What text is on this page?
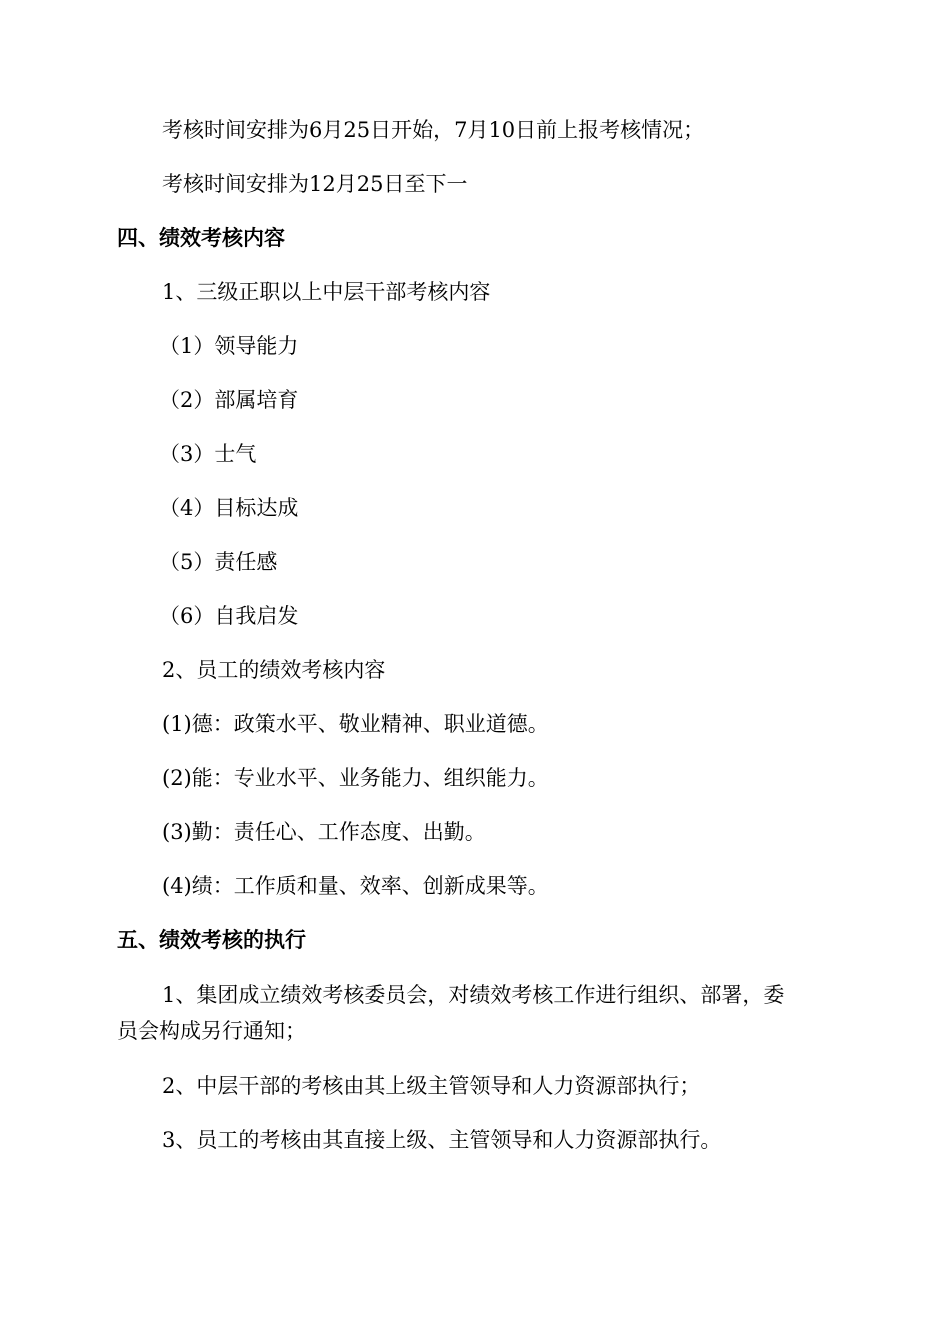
考核时间安排为6月25日开始，7月10日前上报考核情况；
考核时间安排为12月25日至下一
四、绩效考核内容
1、三级正职以上中层干部考核内容
（1）领导能力
（2）部属培育
（3）士气
（4）目标达成
（5）责任感
（6）自我启发
2、员工的绩效考核内容
(1)德：政策水平、敬业精神、职业道德。
(2)能：专业水平、业务能力、组织能力。
(3)勤：责任心、工作态度、出勤。
(4)绩：工作质和量、效率、创新成果等。
五、绩效考核的执行
1、集团成立绩效考核委员会，对绩效考核工作进行组织、部署，委
员会构成另行通知；
2、中层干部的考核由其上级主管领导和人力资源部执行；
3、员工的考核由其直接上级、主管领导和人力资源部执行。
